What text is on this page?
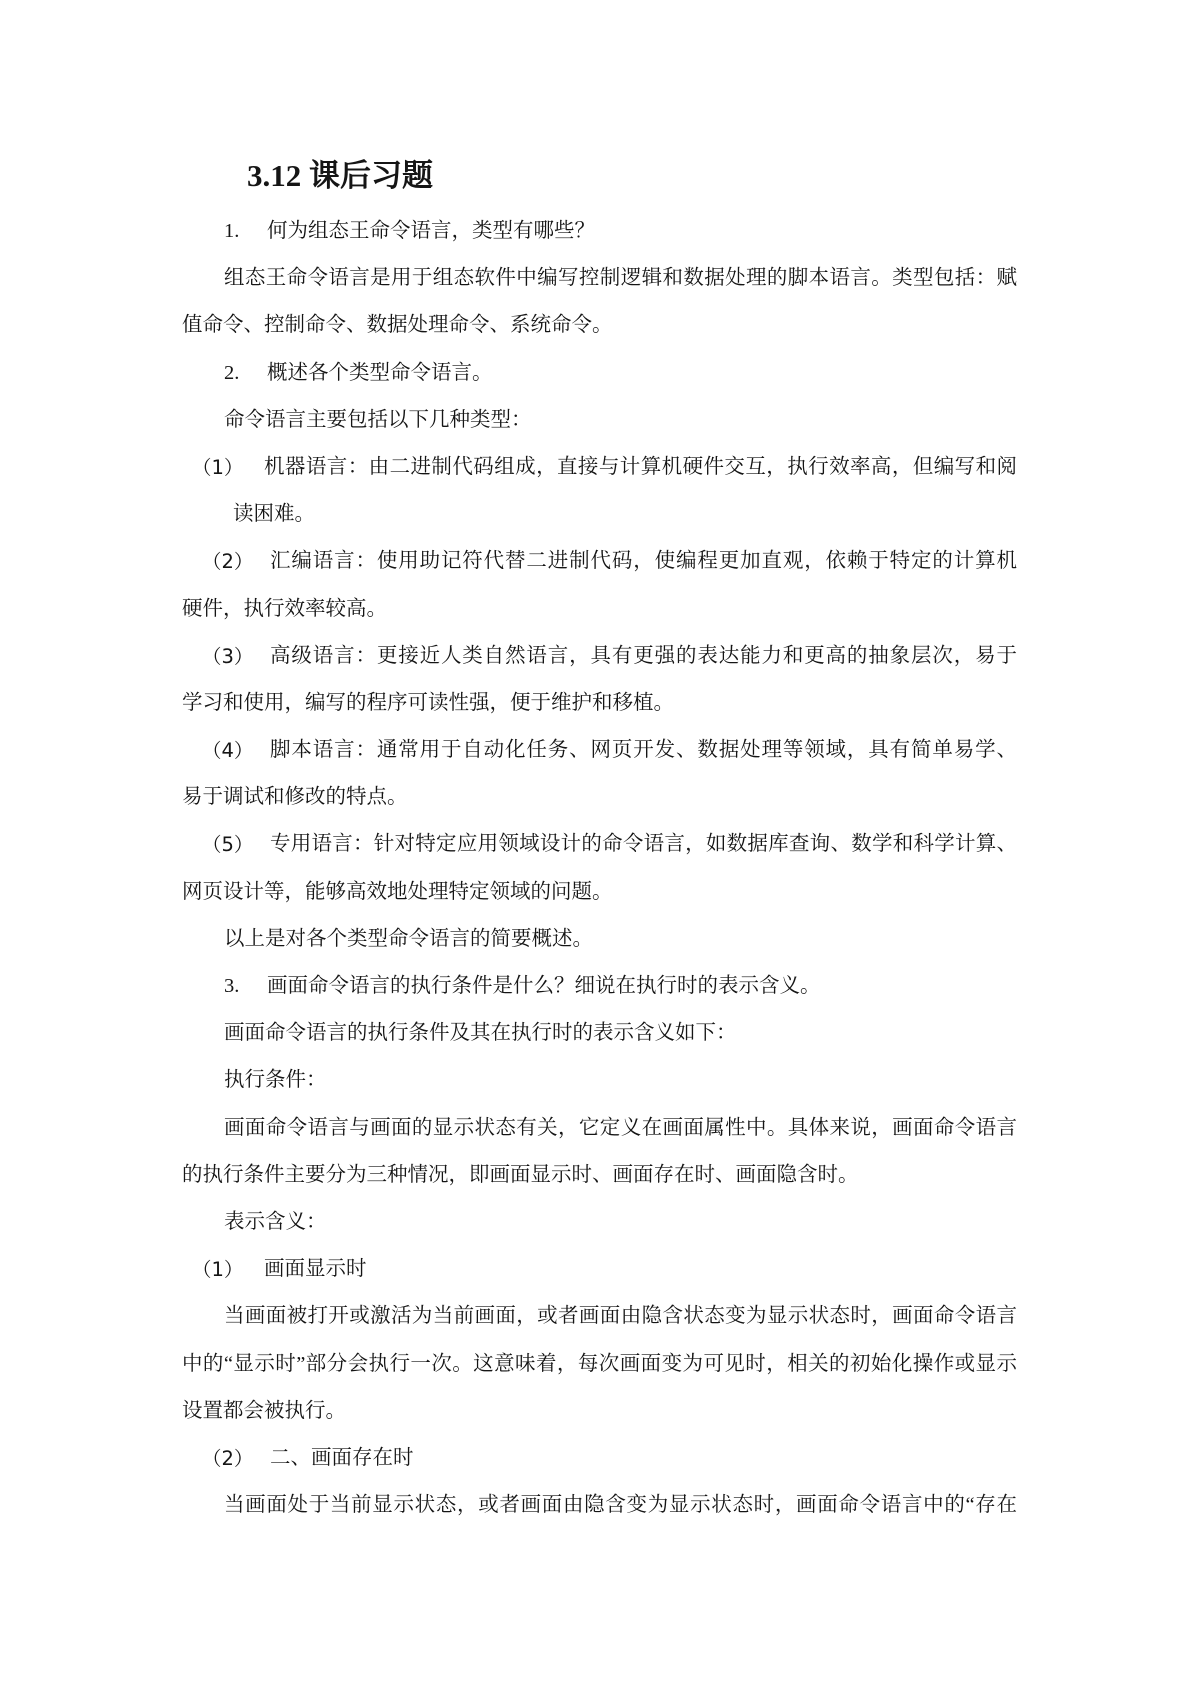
3.12 课后习题
1.	何为组态王命令语言，类型有哪些？
组态王命令语言是用于组态软件中编写控制逻辑和数据处理的脚本语言。类型包括：赋
值命令、控制命令、数据处理命令、系统命令。
2.	概述各个类型命令语言。
命令语言主要包括以下几种类型：
（1）	机器语言：由二进制代码组成，直接与计算机硬件交互，执行效率高，但编写和阅
读困难。
（2） 汇编语言：使用助记符代替二进制代码，使编程更加直观，依赖于特定的计算机
硬件，执行效率较高。
（3） 高级语言：更接近人类自然语言，具有更强的表达能力和更高的抽象层次，易于
学习和使用，编写的程序可读性强，便于维护和移植。
（4） 脚本语言：通常用于自动化任务、网页开发、数据处理等领域，具有简单易学、
易于调试和修改的特点。
（5） 专用语言：针对特定应用领域设计的命令语言，如数据库查询、数学和科学计算、
网页设计等，能够高效地处理特定领域的问题。
以上是对各个类型命令语言的简要概述。
3.	画面命令语言的执行条件是什么？细说在执行时的表示含义。
画面命令语言的执行条件及其在执行时的表示含义如下：
执行条件：
画面命令语言与画面的显示状态有关，它定义在画面属性中。具体来说，画面命令语言
的执行条件主要分为三种情况，即画面显示时、画面存在时、画面隐含时。
表示含义：
（1）	画面显示时
当画面被打开或激活为当前画面，或者画面由隐含状态变为显示状态时，画面命令语言
中的“显示时”部分会执行一次。这意味着，每次画面变为可见时，相关的初始化操作或显示
设置都会被执行。
（2） 二、画面存在时
当画面处于当前显示状态，或者画面由隐含变为显示状态时，画面命令语言中的“存在
